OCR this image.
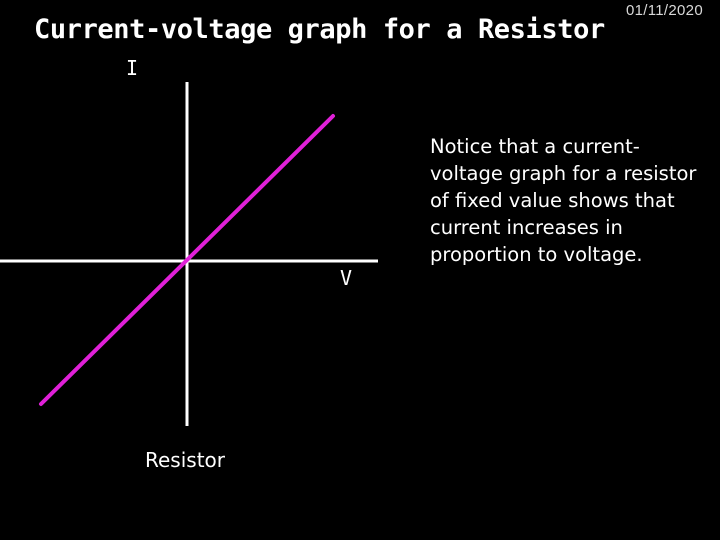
01/11/2020
Current-voltage graph for a Resistor
I
V
Resistor

Notice that a current-voltage graph for a resistor of fixed value shows that current increases in proportion to voltage.
